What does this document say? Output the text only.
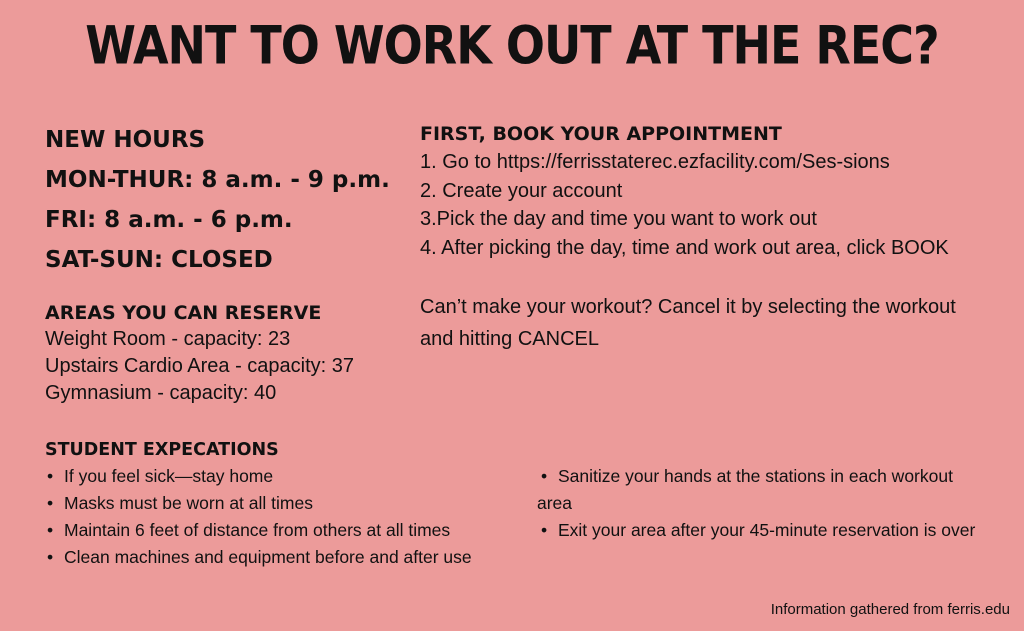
WANT TO WORK OUT AT THE REC?
NEW HOURS
MON-THUR: 8 a.m. - 9 p.m.
FRI: 8 a.m. - 6 p.m.
SAT-SUN: CLOSED
AREAS YOU CAN RESERVE
Weight Room - capacity: 23
Upstairs Cardio Area - capacity: 37
Gymnasium - capacity: 40
FIRST, BOOK YOUR APPOINTMENT
1. Go to https://ferrisstaterec.ezfacility.com/Ses-sions
2. Create your account
3.Pick the day and time you want to work out
4. After picking the day, time and work out area, click BOOK
Can’t make your workout? Cancel it by selecting the workout and hitting CANCEL
STUDENT EXPECATIONS
• If you feel sick—stay home
• Masks must be worn at all times
• Maintain 6 feet of distance from others at all times
• Clean machines and equipment before and after use
• Sanitize your hands at the stations in each workout area
• Exit your area after your 45-minute reservation is over
Information gathered from ferris.edu
